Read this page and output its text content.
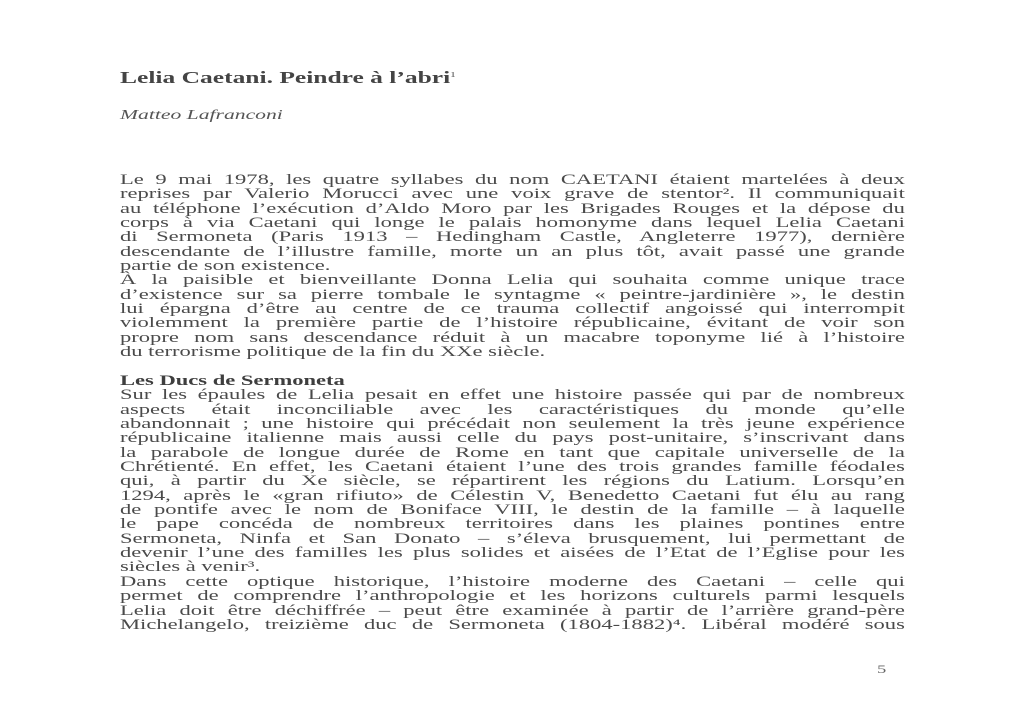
Lelia Caetani. Peindre à l’abri$^1$
Matteo Lafranconi
Le 9 mai 1978, les quatre syllabes du nom CAETANI étaient martelées à deux
reprises par Valerio Morucci avec une voix grave de stentor². Il communiquait
au téléphone l’exécution d’Aldo Moro par les Brigades Rouges et la dépose du
corps à via Caetani qui longe le palais homonyme dans lequel Lelia Caetani
di Sermoneta (Paris 1913 – Hedingham Castle, Angleterre 1977), dernière
descendante de l’illustre famille, morte un an plus tôt, avait passé une grande
partie de son existence.
À la paisible et bienveillante Donna Lelia qui souhaita comme unique trace
d’existence sur sa pierre tombale le syntagme « peintre-jardinière », le destin
lui épargna d’être au centre de ce trauma collectif angoissé qui interrompit
violemment la première partie de l’histoire républicaine, évitant de voir son
propre nom sans descendance réduit à un macabre toponyme lié à l’histoire
du terrorisme politique de la fin du XXe siècle.
Les Ducs de Sermoneta
Sur les épaules de Lelia pesait en effet une histoire passée qui par de nombreux
aspects était inconciliable avec les caractéristiques du monde qu’elle
abandonnait ; une histoire qui précédait non seulement la très jeune expérience
républicaine italienne mais aussi celle du pays post-unitaire, s’inscrivant dans
la parabole de longue durée de Rome en tant que capitale universelle de la
Chrétienté. En effet, les Caetani étaient l’une des trois grandes famille féodales
qui, à partir du Xe siècle, se répartirent les régions du Latium. Lorsqu’en
1294, après le «gran rifiuto» de Célestin V, Benedetto Caetani fut élu au rang
de pontife avec le nom de Boniface VIII, le destin de la famille – à laquelle
le pape concéda de nombreux territoires dans les plaines pontines entre
Sermoneta, Ninfa et San Donato – s’éleva brusquement, lui permettant de
devenir l’une des familles les plus solides et aisées de l’Etat de l’Eglise pour les
siècles à venir³.
Dans cette optique historique, l’histoire moderne des Caetani – celle qui
permet de comprendre l’anthropologie et les horizons culturels parmi lesquels
Lelia doit être déchiffrée – peut être examinée à partir de l’arrière grand-père
Michelangelo, treizième duc de Sermoneta (1804-1882)⁴. Libéral modéré sous
5
